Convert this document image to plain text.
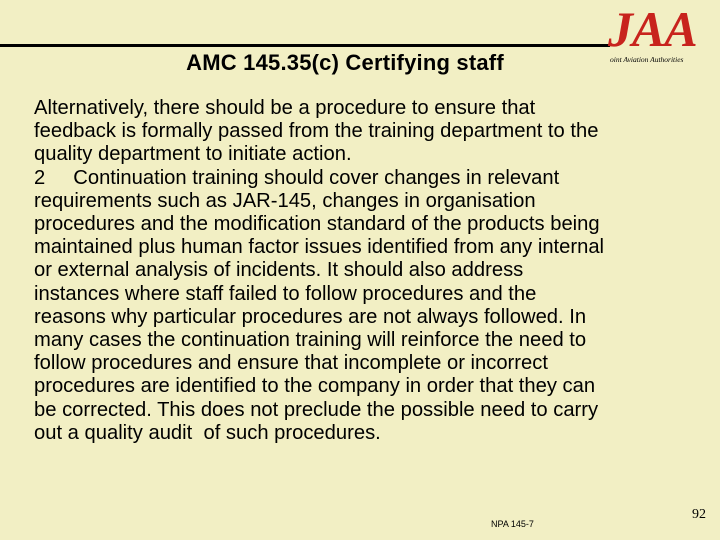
AMC 145.35(c) Certifying staff
JAA
oint Aviation Authorities
Alternatively, there should be a procedure to ensure that
feedback is formally passed from the training department to the
quality department to initiate action.
2     Continuation training should cover changes in relevant
requirements such as JAR-145, changes in organisation
procedures and the modification standard of the products being
maintained plus human factor issues identified from any internal
or external analysis of incidents. It should also address
instances where staff failed to follow procedures and the
reasons why particular procedures are not always followed. In
many cases the continuation training will reinforce the need to
follow procedures and ensure that incomplete or incorrect
procedures are identified to the company in order that they can
be corrected. This does not preclude the possible need to carry
out a quality audit  of such procedures.
NPA 145-7
92
